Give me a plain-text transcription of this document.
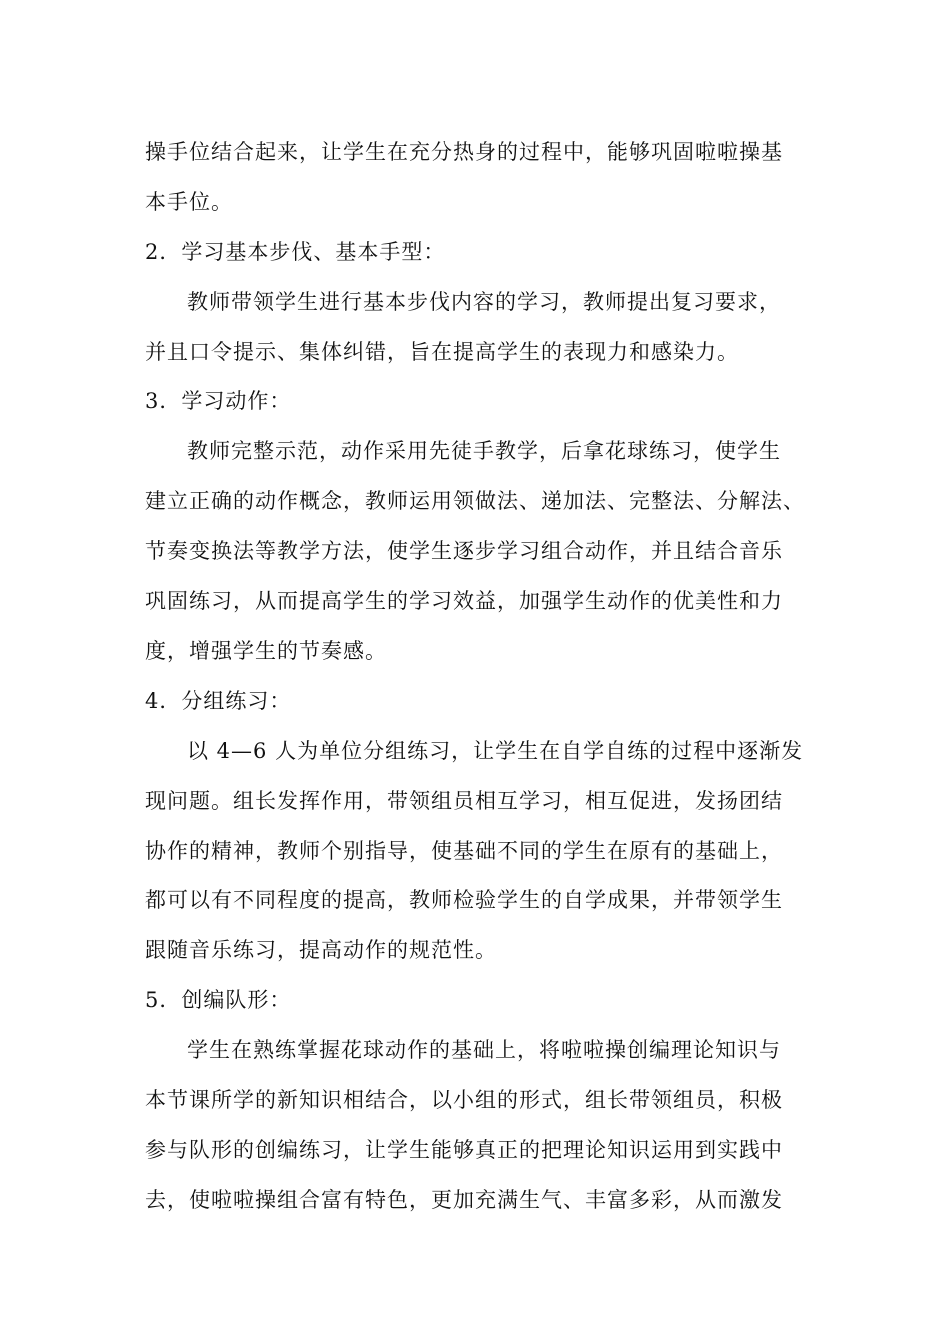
操手位结合起来，让学生在充分热身的过程中，能够巩固啦啦操基
本手位。
2．学习基本步伐、基本手型：
教师带领学生进行基本步伐内容的学习，教师提出复习要求，
并且口令提示、集体纠错，旨在提高学生的表现力和感染力。
3．学习动作：
教师完整示范，动作采用先徒手教学，后拿花球练习，使学生
建立正确的动作概念，教师运用领做法、递加法、完整法、分解法、
节奏变换法等教学方法，使学生逐步学习组合动作，并且结合音乐
巩固练习，从而提高学生的学习效益，加强学生动作的优美性和力
度，增强学生的节奏感。
4．分组练习：
以 4—6 人为单位分组练习，让学生在自学自练的过程中逐渐发
现问题。组长发挥作用，带领组员相互学习，相互促进，发扬团结
协作的精神，教师个别指导，使基础不同的学生在原有的基础上，
都可以有不同程度的提高，教师检验学生的自学成果，并带领学生
跟随音乐练习，提高动作的规范性。
5．创编队形：
学生在熟练掌握花球动作的基础上，将啦啦操创编理论知识与
本节课所学的新知识相结合，以小组的形式，组长带领组员，积极
参与队形的创编练习，让学生能够真正的把理论知识运用到实践中
去，使啦啦操组合富有特色，更加充满生气、丰富多彩，从而激发
